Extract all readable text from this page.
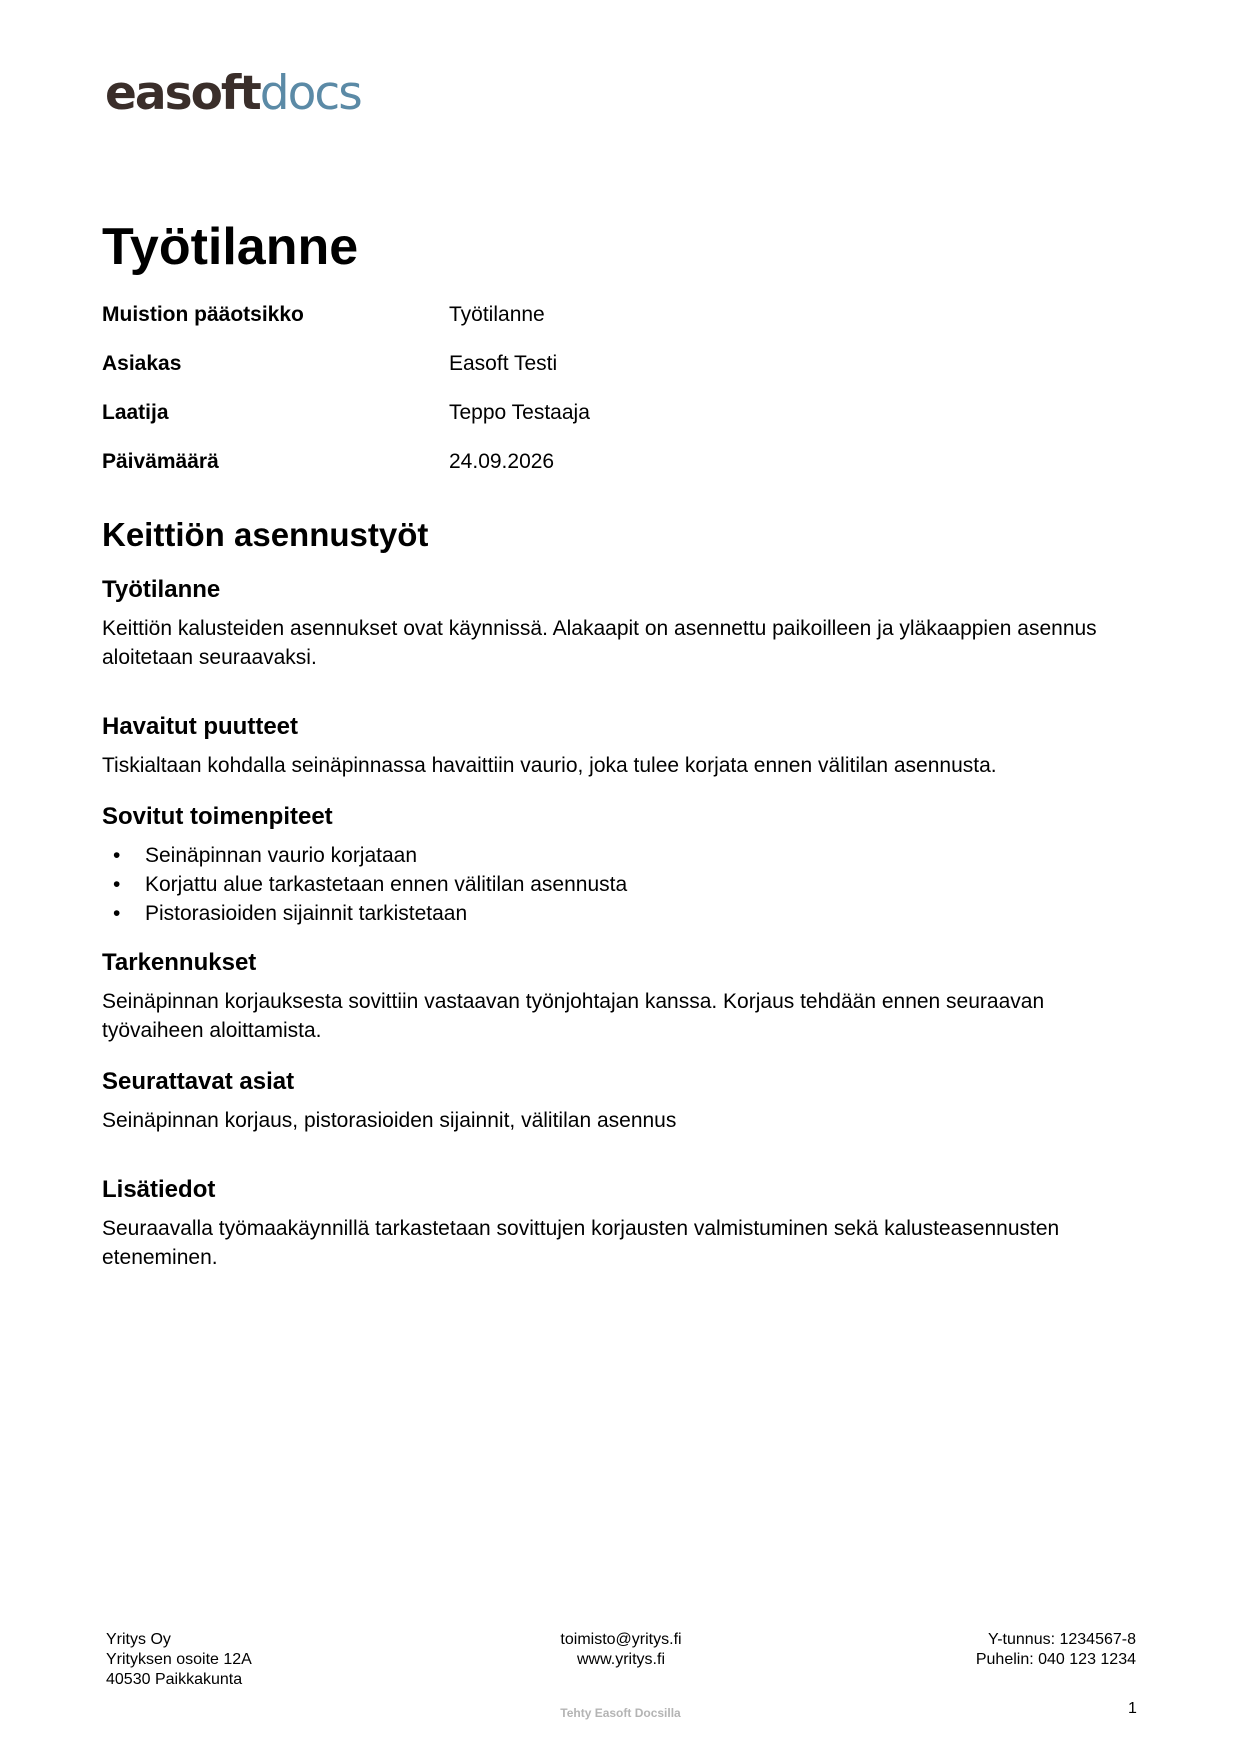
easoftdocs
Työtilanne
Muistion pääotsikko	Työtilanne
Asiakas	Easoft Testi
Laatija	Teppo Testaaja
Päivämäärä	24.09.2026
Keittiön asennustyöt
Työtilanne

Keittiön kalusteiden asennukset ovat käynnissä. Alakaapit on asennettu paikoilleen ja yläkaappien asennus aloitetaan seuraavaksi.

Havaitut puutteet

Tiskialtaan kohdalla seinäpinnassa havaittiin vaurio, joka tulee korjata ennen välitilan asennusta.

Sovitut toimenpiteet
• Seinäpinnan vaurio korjataan
• Korjattu alue tarkastetaan ennen välitilan asennusta
• Pistorasioiden sijainnit tarkistetaan
Tarkennukset

Seinäpinnan korjauksesta sovittiin vastaavan työnjohtajan kanssa. Korjaus tehdään ennen seuraavan työvaiheen aloittamista.

Seurattavat asiat

Seinäpinnan korjaus, pistorasioiden sijainnit, välitilan asennus

Lisätiedot

Seuraavalla työmaakäynnillä tarkastetaan sovittujen korjausten valmistuminen sekä kalusteasennusten eteneminen.

Yritys Oy
Yrityksen osoite 12A
40530 Paikkakunta
toimisto@yritys.fi
www.yritys.fi
Y-tunnus: 1234567-8
Puhelin: 040 123 1234
Tehty Easoft Docsilla	1
